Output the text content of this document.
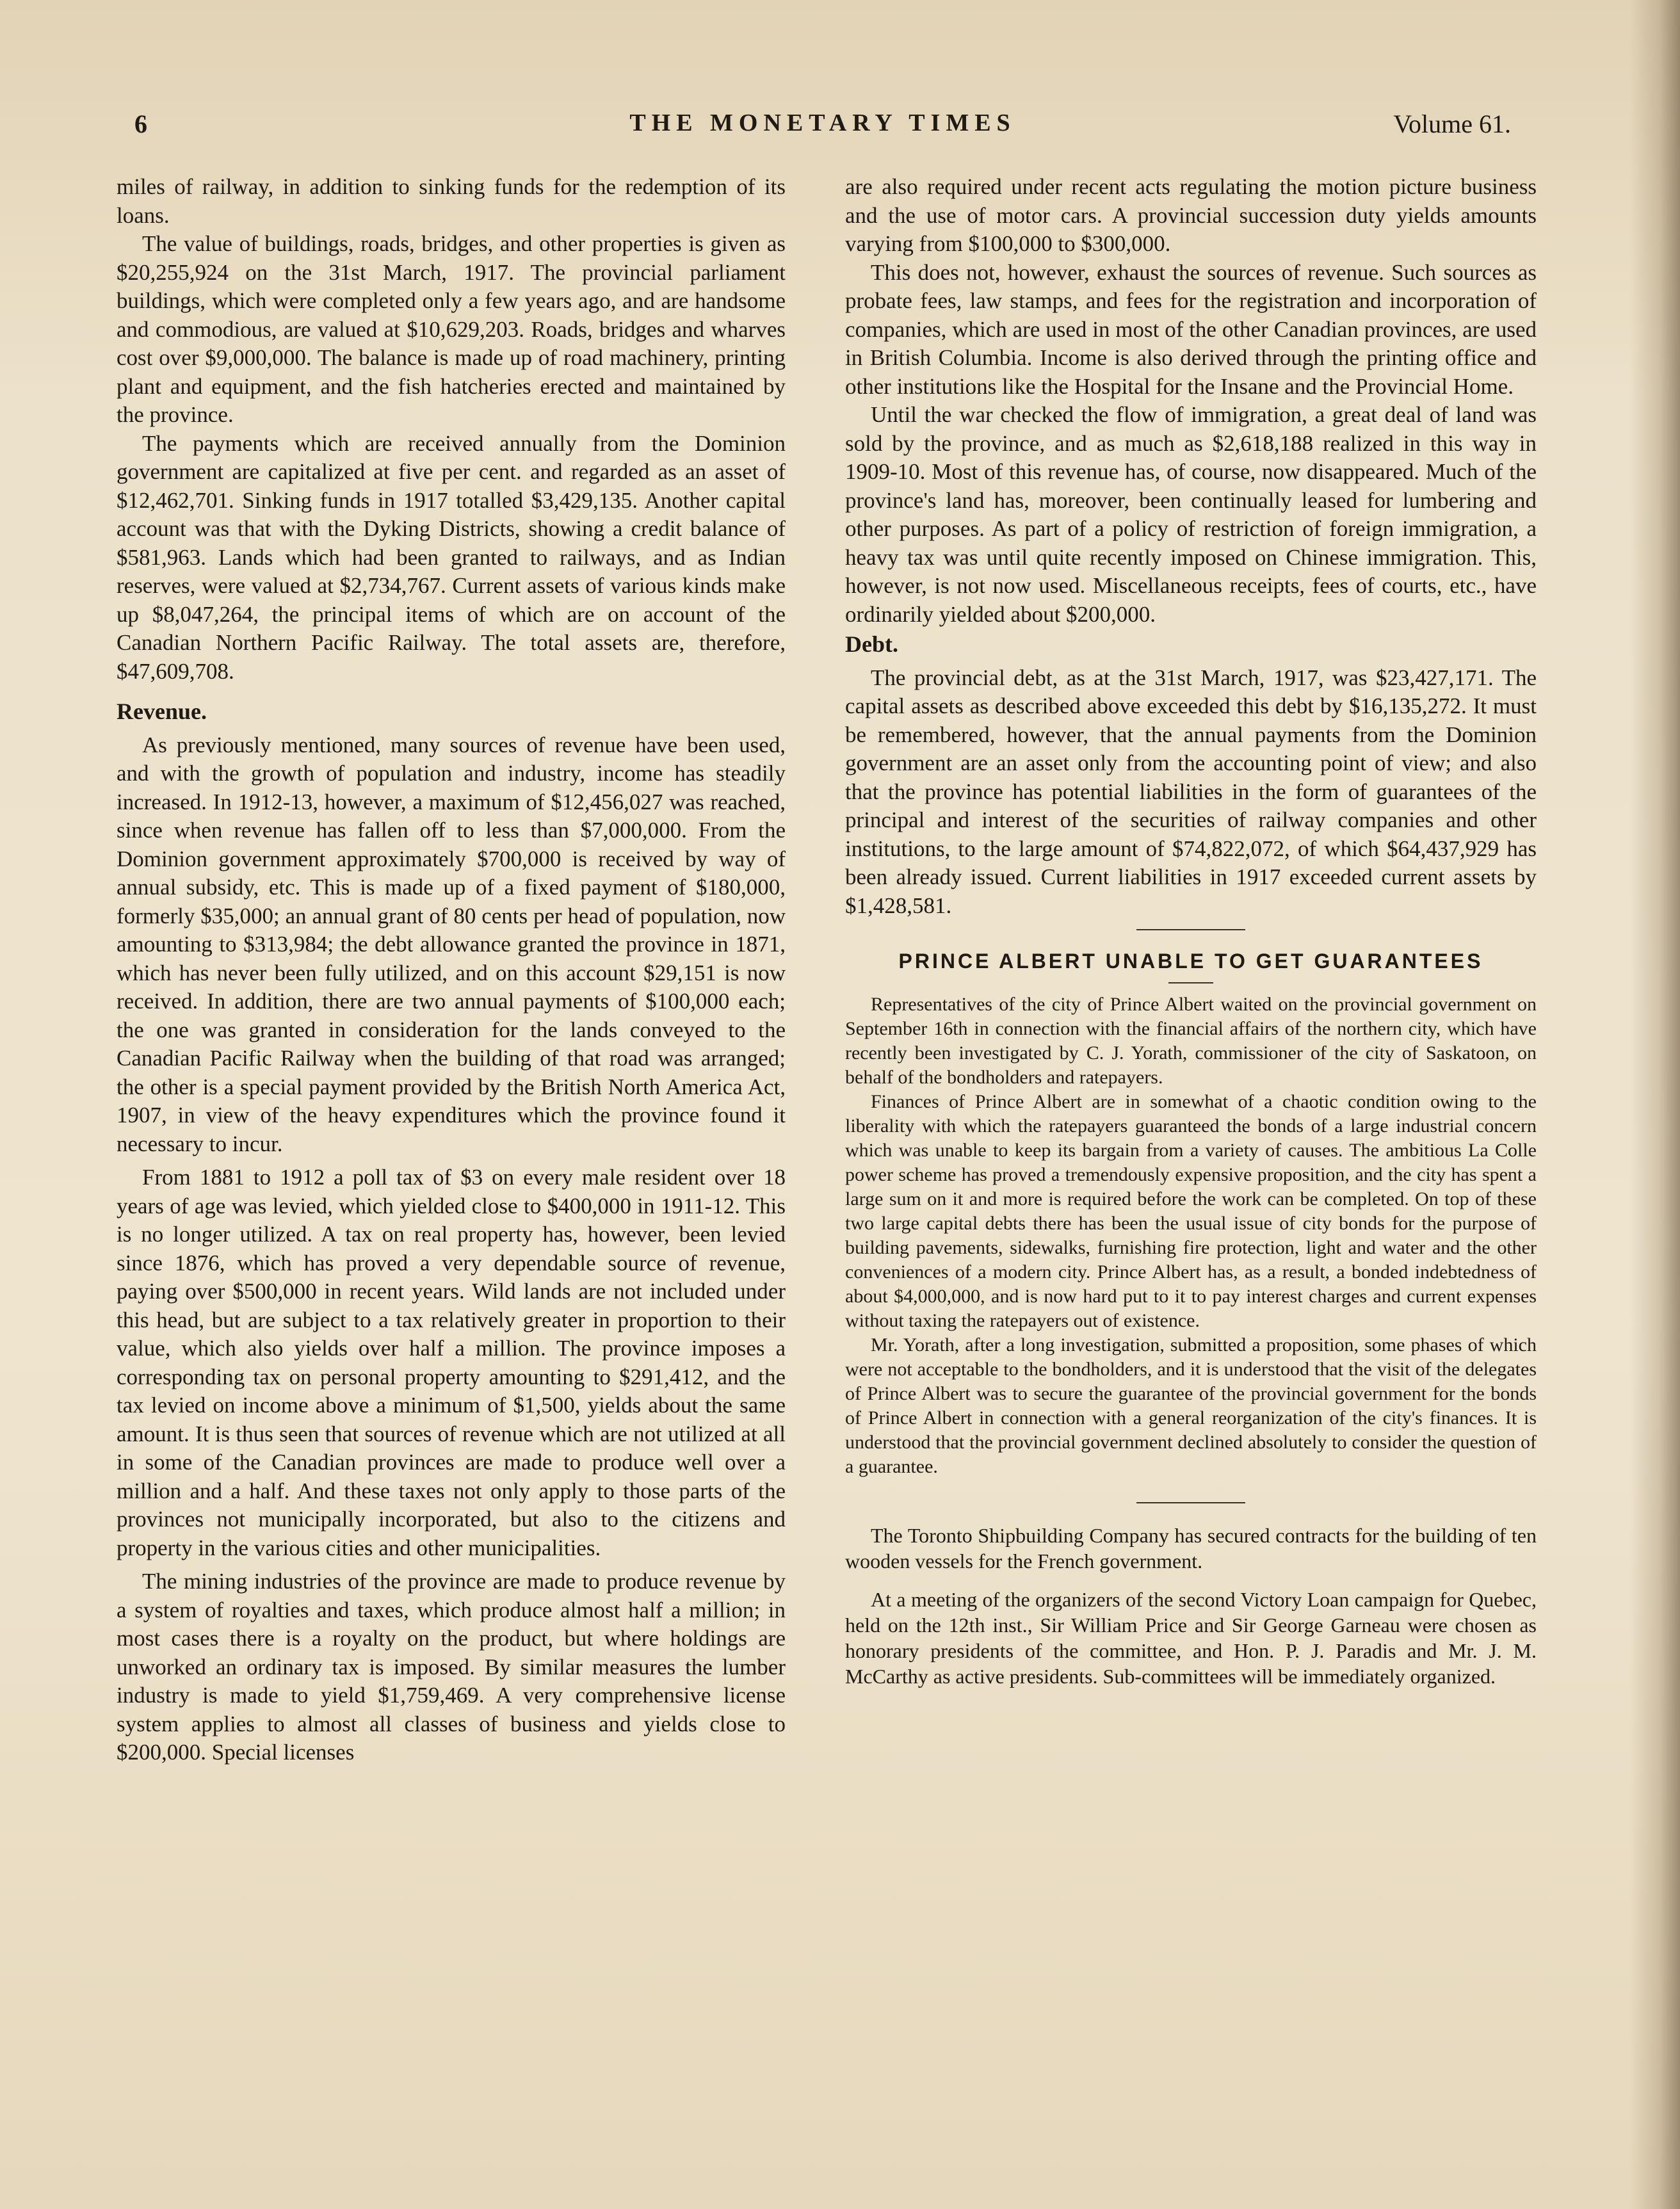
6	THE MONETARY TIMES	Volume 61.

miles of railway, in addition to sinking funds for the redemption of its loans.

The value of buildings, roads, bridges, and other properties is given as $20,255,924 on the 31st March, 1917. The provincial parliament buildings, which were completed only a few years ago, and are handsome and commodious, are valued at $10,629,203. Roads, bridges and wharves cost over $9,000,000. The balance is made up of road machinery, printing plant and equipment, and the fish hatcheries erected and maintained by the province.

The payments which are received annually from the Dominion government are capitalized at five per cent. and regarded as an asset of $12,462,701. Sinking funds in 1917 totalled $3,429,135. Another capital account was that with the Dyking Districts, showing a credit balance of $581,963. Lands which had been granted to railways, and as Indian reserves, were valued at $2,734,767. Current assets of various kinds make up $8,047,264, the principal items of which are on account of the Canadian Northern Pacific Railway. The total assets are, therefore, $47,609,708.

Revenue.

As previously mentioned, many sources of revenue have been used, and with the growth of population and industry, income has steadily increased. In 1912-13, however, a maximum of $12,456,027 was reached, since when revenue has fallen off to less than $7,000,000. From the Dominion government approximately $700,000 is received by way of annual subsidy, etc. This is made up of a fixed payment of $180,000, formerly $35,000; an annual grant of 80 cents per head of population, now amounting to $313,984; the debt allowance granted the province in 1871, which has never been fully utilized, and on this account $29,151 is now received. In addition, there are two annual payments of $100,000 each; the one was granted in consideration for the lands conveyed to the Canadian Pacific Railway when the building of that road was arranged; the other is a special payment provided by the British North America Act, 1907, in view of the heavy expenditures which the province found it necessary to incur.

From 1881 to 1912 a poll tax of $3 on every male resident over 18 years of age was levied, which yielded close to $400,000 in 1911-12. This is no longer utilized. A tax on real property has, however, been levied since 1876, which has proved a very dependable source of revenue, paying over $500,000 in recent years. Wild lands are not included under this head, but are subject to a tax relatively greater in proportion to their value, which also yields over half a million. The province imposes a corresponding tax on personal property amounting to $291,412, and the tax levied on income above a minimum of $1,500, yields about the same amount. It is thus seen that sources of revenue which are not utilized at all in some of the Canadian provinces are made to produce well over a million and a half. And these taxes not only apply to those parts of the provinces not municipally incorporated, but also to the citizens and property in the various cities and other municipalities.

The mining industries of the province are made to produce revenue by a system of royalties and taxes, which produce almost half a million; in most cases there is a royalty on the product, but where holdings are unworked an ordinary tax is imposed. By similar measures the lumber industry is made to yield $1,759,469. A very comprehensive license system applies to almost all classes of business and yields close to $200,000. Special licenses

are also required under recent acts regulating the motion picture business and the use of motor cars. A provincial succession duty yields amounts varying from $100,000 to $300,000.

This does not, however, exhaust the sources of revenue. Such sources as probate fees, law stamps, and fees for the registration and incorporation of companies, which are used in most of the other Canadian provinces, are used in British Columbia. Income is also derived through the printing office and other institutions like the Hospital for the Insane and the Provincial Home.

Until the war checked the flow of immigration, a great deal of land was sold by the province, and as much as $2,618,188 realized in this way in 1909-10. Most of this revenue has, of course, now disappeared. Much of the province's land has, moreover, been continually leased for lumbering and other purposes. As part of a policy of restriction of foreign immigration, a heavy tax was until quite recently imposed on Chinese immigration. This, however, is not now used. Miscellaneous receipts, fees of courts, etc., have ordinarily yielded about $200,000.

Debt.

The provincial debt, as at the 31st March, 1917, was $23,427,171. The capital assets as described above exceeded this debt by $16,135,272. It must be remembered, however, that the annual payments from the Dominion government are an asset only from the accounting point of view; and also that the province has potential liabilities in the form of guarantees of the principal and interest of the securities of railway companies and other institutions, to the large amount of $74,822,072, of which $64,437,929 has been already issued. Current liabilities in 1917 exceeded current assets by $1,428,581.

PRINCE ALBERT UNABLE TO GET GUARANTEES

Representatives of the city of Prince Albert waited on the provincial government on September 16th in connection with the financial affairs of the northern city, which have recently been investigated by C. J. Yorath, commissioner of the city of Saskatoon, on behalf of the bondholders and ratepayers.

Finances of Prince Albert are in somewhat of a chaotic condition owing to the liberality with which the ratepayers guaranteed the bonds of a large industrial concern which was unable to keep its bargain from a variety of causes. The ambitious La Colle power scheme has proved a tremendously expensive proposition, and the city has spent a large sum on it and more is required before the work can be completed. On top of these two large capital debts there has been the usual issue of city bonds for the purpose of building pavements, sidewalks, furnishing fire protection, light and water and the other conveniences of a modern city. Prince Albert has, as a result, a bonded indebtedness of about $4,000,000, and is now hard put to it to pay interest charges and current expenses without taxing the ratepayers out of existence.

Mr. Yorath, after a long investigation, submitted a proposition, some phases of which were not acceptable to the bondholders, and it is understood that the visit of the delegates of Prince Albert was to secure the guarantee of the provincial government for the bonds of Prince Albert in connection with a general reorganization of the city's finances. It is understood that the provincial government declined absolutely to consider the question of a guarantee.

The Toronto Shipbuilding Company has secured contracts for the building of ten wooden vessels for the French government.

At a meeting of the organizers of the second Victory Loan campaign for Quebec, held on the 12th inst., Sir William Price and Sir George Garneau were chosen as honorary presidents of the committee, and Hon. P. J. Paradis and Mr. J. M. McCarthy as active presidents. Sub-committees will be immediately organized.
